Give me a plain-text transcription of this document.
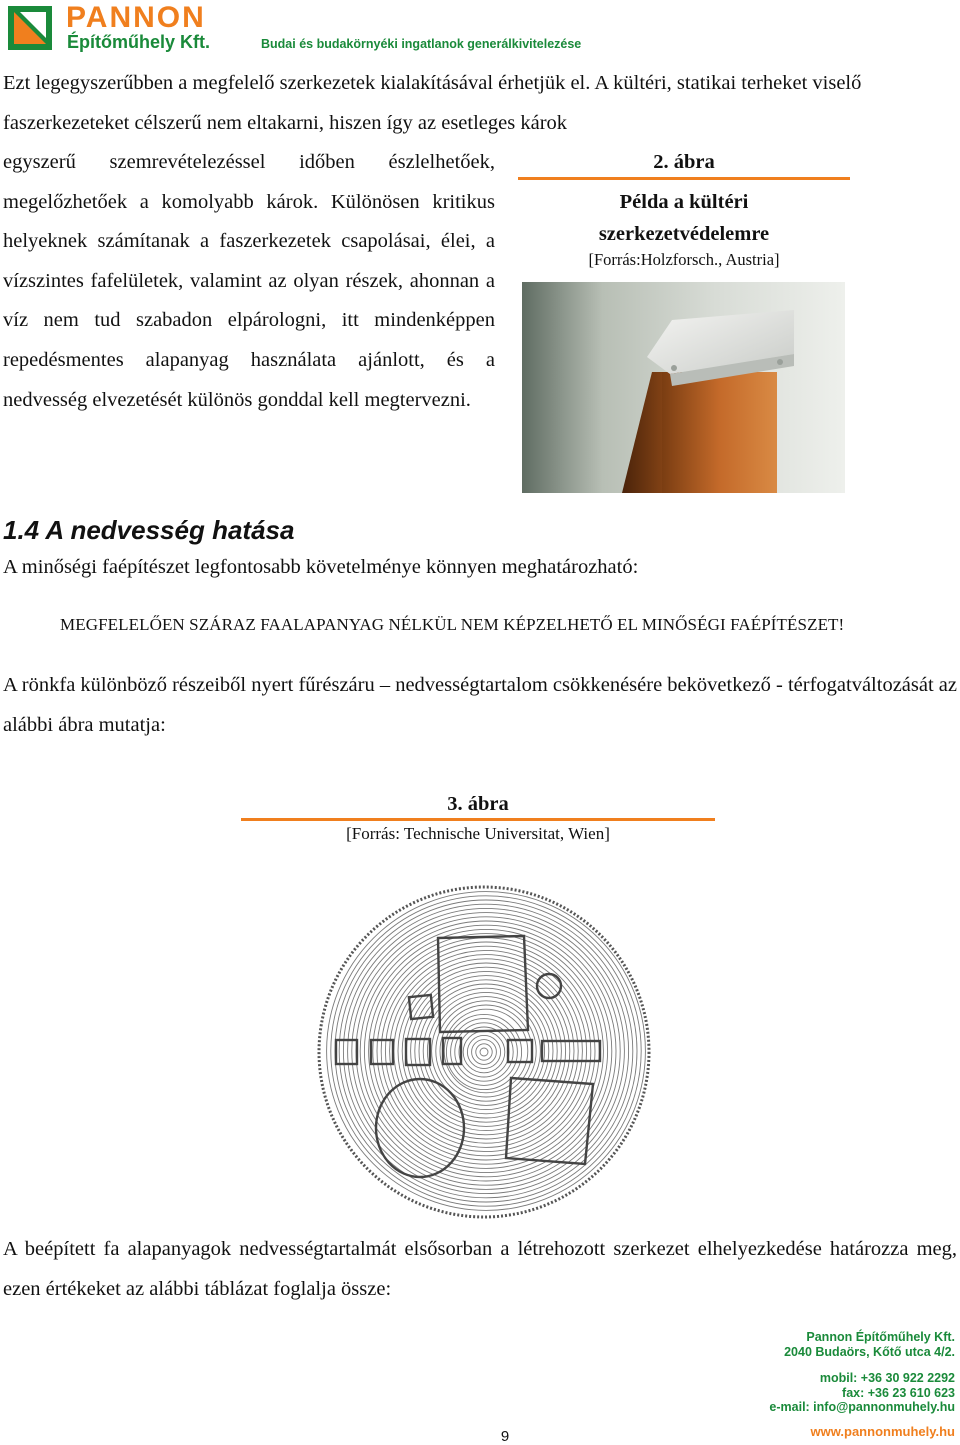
PANNON
Építőműhely Kft.	Budai és budakörnyéki ingatlanok generálkivitelezése
Ezt legegyszerűbben a megfelelő szerkezetek kialakításával érhetjük el. A kültéri, statikai terheket viselő faszerkezeteket célszerű nem eltakarni, hiszen így az esetleges károk
egyszerű szemrevételezéssel időben észlelhetőek, megelőzhetőek a komolyabb károk. Különösen kritikus helyeknek számítanak a faszerkezetek csapolásai, élei, a vízszintes fafelületek, valamint az olyan részek, ahonnan a víz nem tud szabadon elpárologni, itt mindenképpen repedésmentes alapanyag használata ajánlott, és a nedvesség elvezetését különös gonddal kell megtervezni.
2. ábra
Példa a kültéri
szerkezetvédelemre
[Forrás:Holzforsch., Austria]
1.4 A nedvesség hatása
A minőségi faépítészet legfontosabb követelménye könnyen meghatározható:
MEGFELELŐEN SZÁRAZ FAALAPANYAG NÉLKÜL NEM KÉPZELHETŐ EL MINŐSÉGI FAÉPÍTÉSZET!
A rönkfa különböző részeiből nyert fűrészáru – nedvességtartalom csökkenésére bekövetkező - térfogatváltozását az alábbi ábra mutatja:
3. ábra
[Forrás: Technische Universitat, Wien]
A beépített fa alapanyagok nedvességtartalmát elsősorban a létrehozott szerkezet elhelyezkedése határozza meg, ezen értékeket az alábbi táblázat foglalja össze:
Pannon Építőműhely Kft.
2040 Budaörs, Kőtő utca 4/2.
mobil: +36 30 922 2292
fax: +36 23 610 623
e-mail: info@pannonmuhely.hu
www.pannonmuhely.hu
9
